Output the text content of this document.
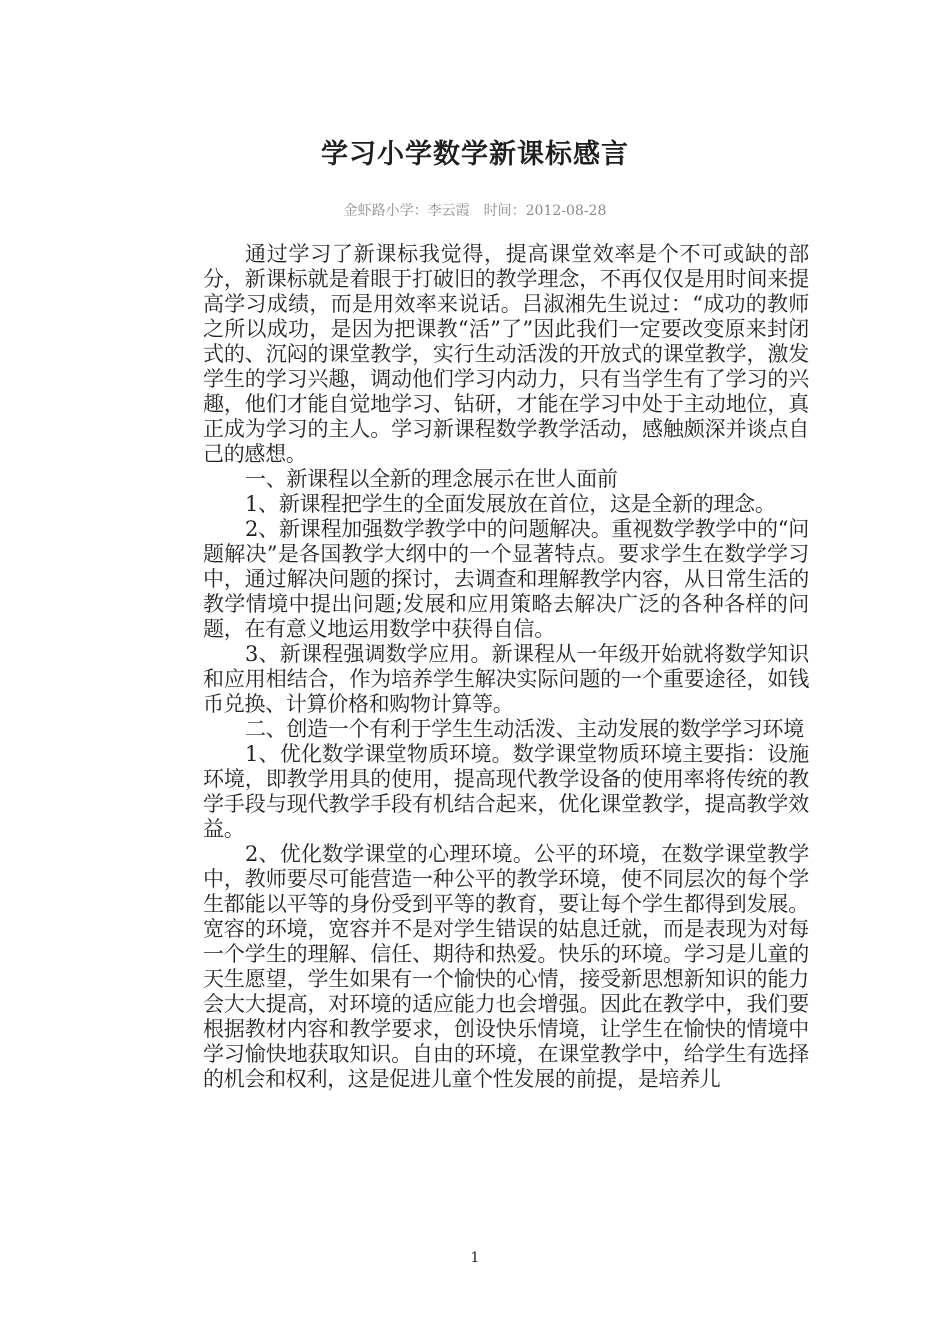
学习小学数学新课标感言
金虾路小学：李云霞　时间：2012-08-28

通过学习了新课标我觉得，提高课堂效率是个不可或缺的部分，新课标就是着眼于打破旧的教学理念，不再仅仅是用时间来提高学习成绩，而是用效率来说话。吕淑湘先生说过：“成功的教师之所以成功，是因为把课教“活”了”因此我们一定要改变原来封闭式的、沉闷的课堂教学，实行生动活泼的开放式的课堂教学，激发学生的学习兴趣，调动他们学习内动力，只有当学生有了学习的兴趣，他们才能自觉地学习、钻研，才能在学习中处于主动地位，真正成为学习的主人。学习新课程数学教学活动，感触颇深并谈点自己的感想。

一、新课程以全新的理念展示在世人面前

1、新课程把学生的全面发展放在首位，这是全新的理念。

2、新课程加强数学教学中的问题解决。重视数学教学中的“问题解决”是各国教学大纲中的一个显著特点。要求学生在数学学习中，通过解决问题的探讨，去调查和理解教学内容，从日常生活的教学情境中提出问题;发展和应用策略去解决广泛的各种各样的问题，在有意义地运用数学中获得自信。

3、新课程强调数学应用。新课程从一年级开始就将数学知识和应用相结合，作为培养学生解决实际问题的一个重要途径，如钱币兑换、计算价格和购物计算等。

二、创造一个有利于学生生动活泼、主动发展的数学学习环境

1、优化数学课堂物质环境。数学课堂物质环境主要指：设施环境，即教学用具的使用，提高现代教学设备的使用率将传统的教学手段与现代教学手段有机结合起来，优化课堂教学，提高教学效益。

2、优化数学课堂的心理环境。公平的环境，在数学课堂教学中，教师要尽可能营造一种公平的教学环境，使不同层次的每个学生都能以平等的身份受到平等的教育，要让每个学生都得到发展。宽容的环境，宽容并不是对学生错误的姑息迁就，而是表现为对每一个学生的理解、信任、期待和热爱。快乐的环境。学习是儿童的天生愿望，学生如果有一个愉快的心情，接受新思想新知识的能力会大大提高，对环境的适应能力也会增强。因此在教学中，我们要根据教材内容和教学要求，创设快乐情境，让学生在愉快的情境中学习愉快地获取知识。自由的环境，在课堂教学中，给学生有选择的机会和权利，这是促进儿童个性发展的前提，是培养儿

1
